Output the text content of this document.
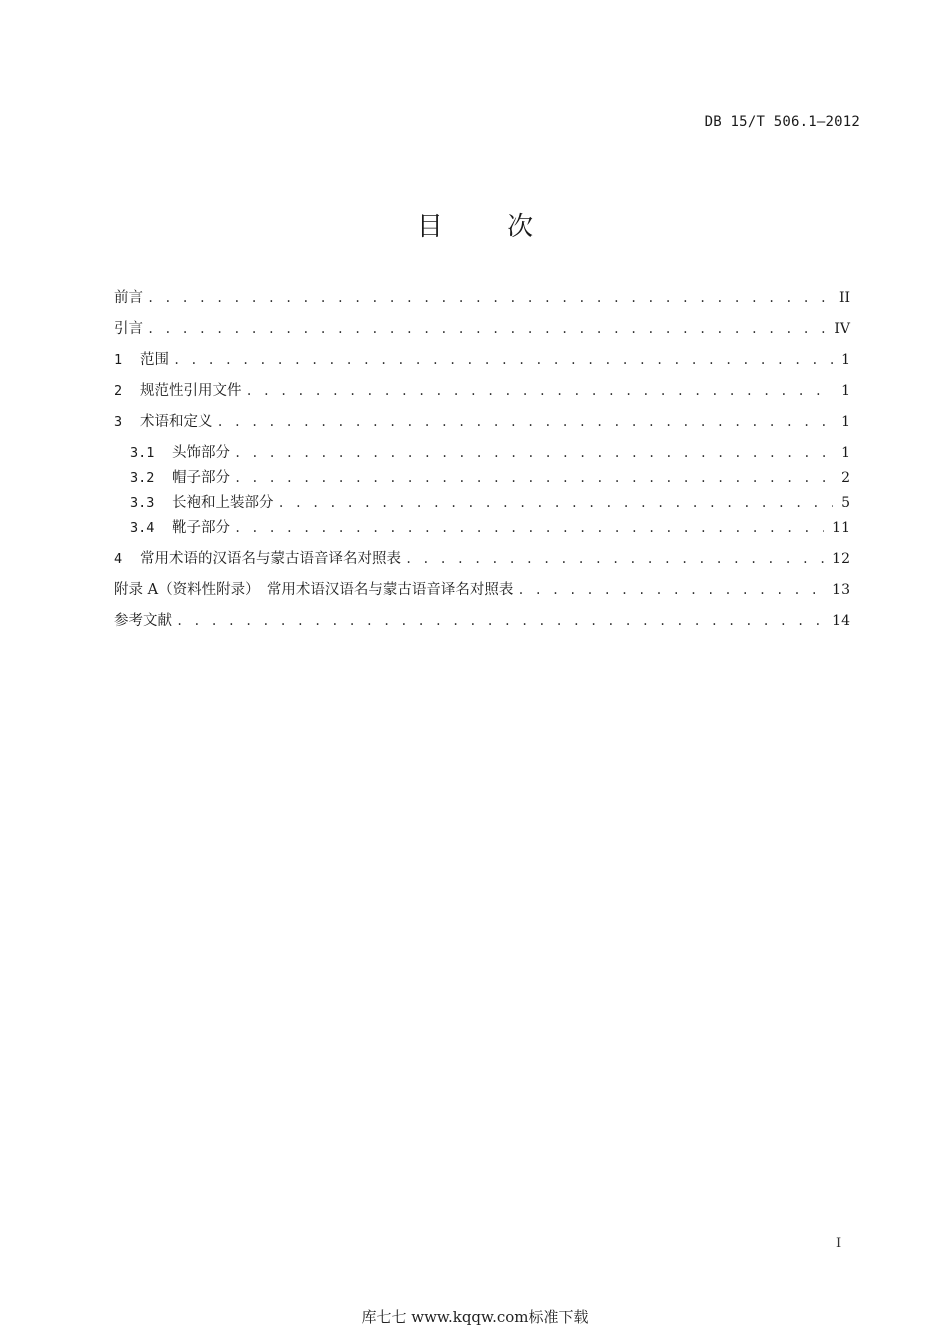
DB 15/T 506.1—2012
目 次
前言 . . .	II
引言 . . .	IV
1	范围 . . .	1
2	规范性引用文件 . . .	1
3	术语和定义 . . .	1
3.1	头饰部分 . . .	1
3.2	帽子部分 . . .	2
3.3	长袍和上装部分 . . .	5
3.4	靴子部分 . . .	11
4	常用术语的汉语名与蒙古语音译名对照表 . . .	12
附录 A（资料性附录）　常用术语汉语名与蒙古语音译名对照表 . . .	13
参考文献 . . .	14
I
库七七 www.kqqw.com标准下载
